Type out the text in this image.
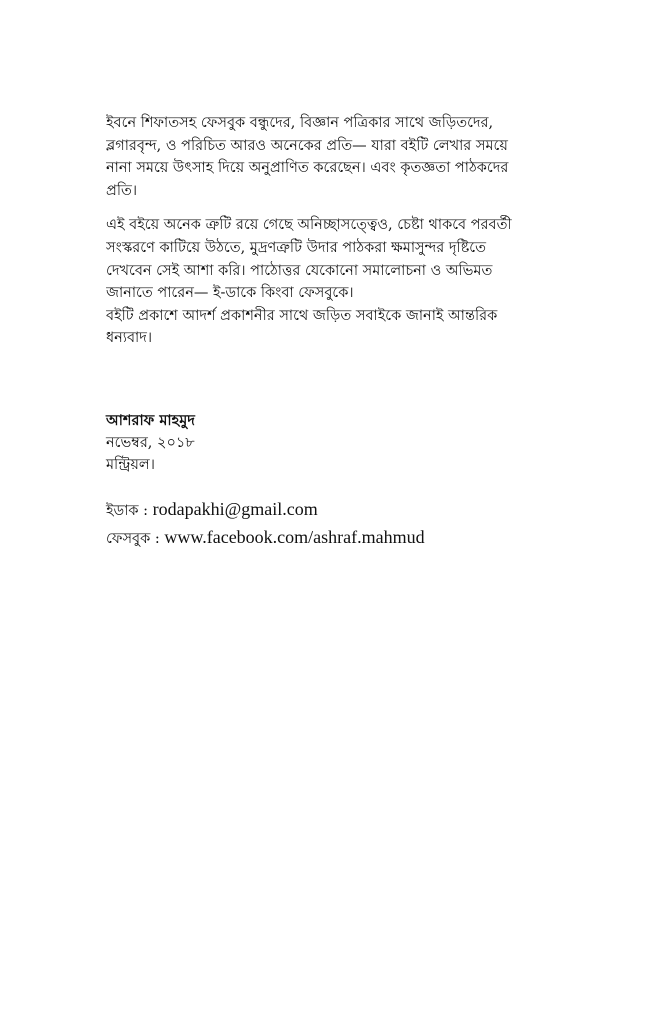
ইবনে শিফাতসহ ফেসবুক বন্ধুদের, বিজ্ঞান পত্রিকার সাথে জড়িতদের,
ব্লগারবৃন্দ, ও পরিচিত আরও অনেকের প্রতি— যারা বইটি লেখার সময়ে
নানা সময়ে উৎসাহ দিয়ে অনুপ্রাণিত করেছেন। এবং কৃতজ্ঞতা পাঠকদের
প্রতি।

এই বইয়ে অনেক ত্রুটি রয়ে গেছে অনিচ্ছাসত্ত্বেও, চেষ্টা থাকবে পরবর্তী
সংস্করণে কাটিয়ে উঠতে, মুদ্রণত্রুটি উদার পাঠকরা ক্ষমাসুন্দর দৃষ্টিতে
দেখবেন সেই আশা করি। পাঠোত্তর যেকোনো সমালোচনা ও অভিমত
জানাতে পারেন— ই-ডাকে কিংবা ফেসবুকে।

বইটি প্রকাশে আদর্শ প্রকাশনীর সাথে জড়িত সবাইকে জানাই আন্তরিক
ধন্যবাদ।

আশরাফ মাহমুদ
নভেম্বর, ২০১৮
মন্ট্রিয়ল।
ইডাক : rodapakhi@gmail.com
ফেসবুক : www.facebook.com/ashraf.mahmud
